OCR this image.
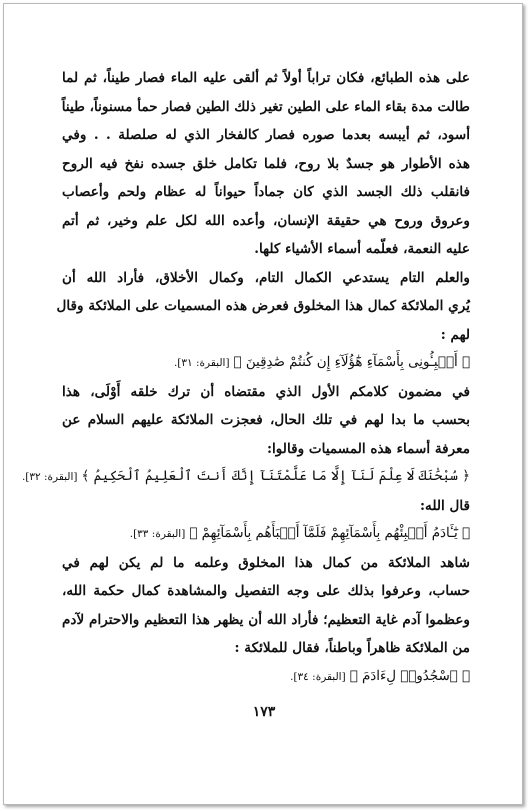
على هذه الطبائع، فكان تراباً أولاً ثم ألقى عليه الماء فصار طيناً، ثم لما
طالت مدة بقاء الماء على الطين تغير ذلك الطين فصار حمأ مسنوناً، طيناً
أسود، ثم أيبسه بعدما صوره فصار كالفخار الذي له صلصلة . . وفي
هذه الأطوار هو جسدٌ بلا روح، فلما تكامل خلق جسده نفخ فيه الروح
فانقلب ذلك الجسد الذي كان جماداً حيواناً له عظام ولحم وأعصاب
وعروق وروح هي حقيقة الإنسان، وأعده الله لكل علم وخير، ثم أتم
عليه النعمة، فعلّمه أسماء الأشياء كلها.
والعلم التام يستدعي الكمال التام، وكمال الأخلاق، فأراد الله أن
يُري الملائكة كمال هذا المخلوق فعرض هذه المسميات على الملائكة وقال
لهم :
﴿ أَنۢبِـُٔونِى بِأَسْمَآءِ هَٰٓؤُلَآءِ إِن كُنتُمْ صَٰدِقِينَ ﴾[البقرة: ٣١].
في مضمون كلامكم الأول الذي مقتضاه أن ترك خلقه أَوْلَى، هذا
بحسب ما بدا لهم في تلك الحال، فعجزت الملائكة عليهم السلام عن
معرفة أسماء هذه المسميات وقالوا:
﴿ سُبْحَٰنَكَ لَا عِلْمَ لَنَآ إِلَّا مَا عَلَّمْتَنَآ إِنَّكَ أَنتَ ٱلْعَلِيمُ ٱلْحَكِيمُ ﴾[البقرة: ٣٢].
قال الله:
﴿ يَٰٓـَٔادَمُ أَنۢبِئْهُم بِأَسْمَآئِهِمْ فَلَمَّآ أَنۢبَأَهُم بِأَسْمَآئِهِمْ ﴾[البقرة: ٣٣].
شاهد الملائكة من كمال هذا المخلوق وعلمه ما لم يكن لهم في
حساب، وعرفوا بذلك على وجه التفصيل والمشاهدة كمال حكمة الله،
وعظموا آدم غاية التعظيم؛ فأراد الله أن يظهر هذا التعظيم والاحترام لآدم
من الملائكة ظاهراً وباطناً، فقال للملائكة :
﴿ ٱسْجُدُوا۟ لِءَادَمَ ﴾[البقرة: ٣٤].
١٧٣
